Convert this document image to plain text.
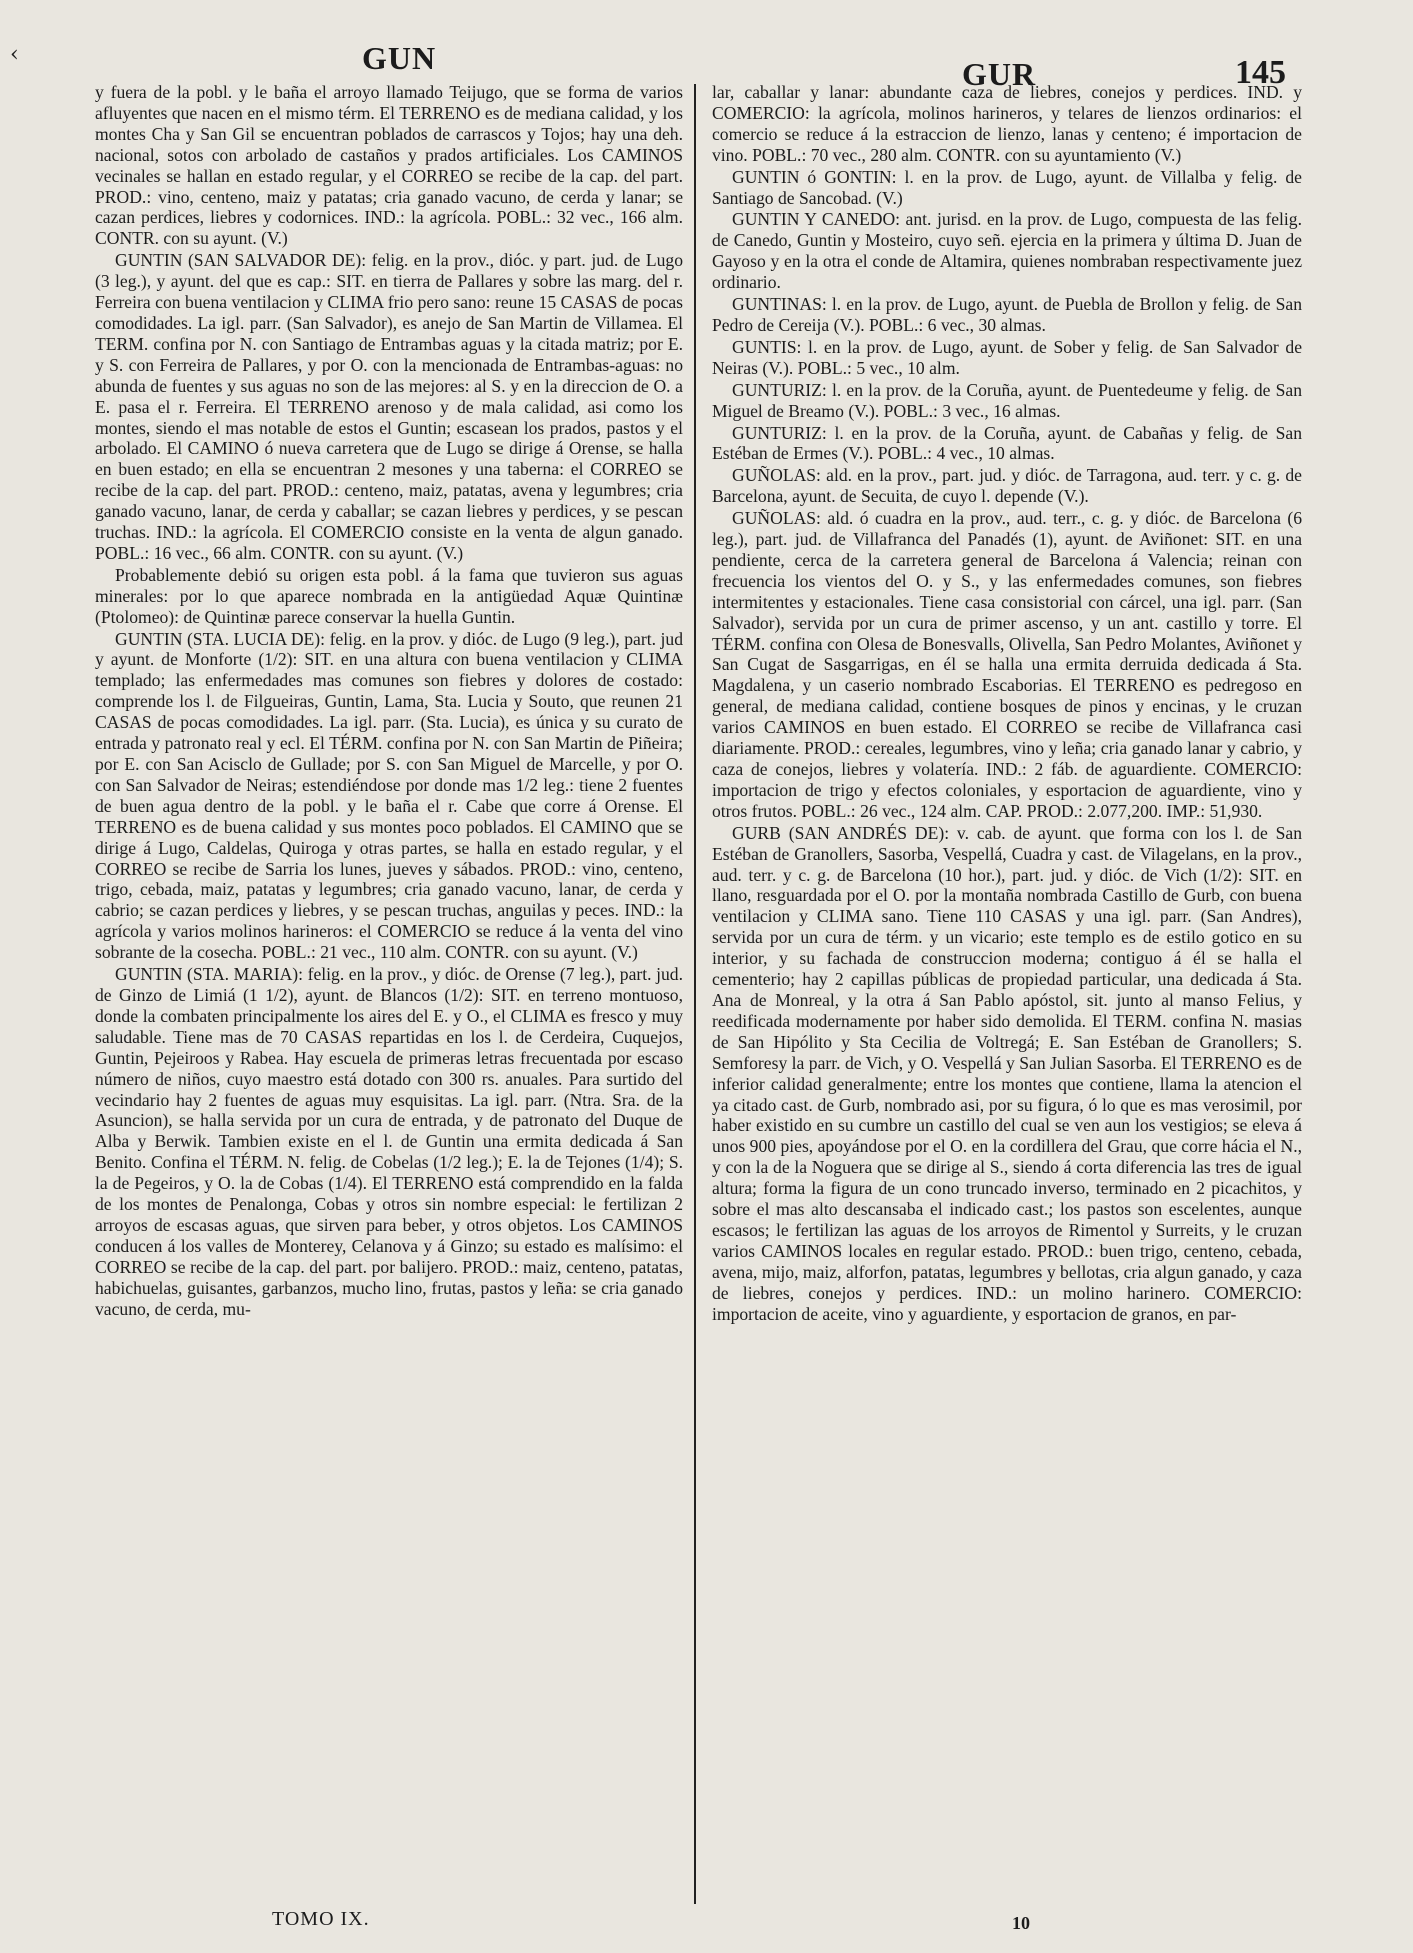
‹	GUN	GUR	145

y fuera de la pobl. y le baña el arroyo llamado Teijugo, que se forma de varios afluyentes que nacen en el mismo térm. El TERRENO es de mediana calidad, y los montes Cha y San Gil se encuentran poblados de carrascos y Tojos; hay una deh. nacional, sotos con arbolado de castaños y prados artificiales. Los CAMINOS vecinales se hallan en estado regular, y el CORREO se recibe de la cap. del part. PROD.: vino, centeno, maiz y patatas; cria ganado vacuno, de cerda y lanar; se cazan perdices, liebres y codornices. IND.: la agrícola. POBL.: 32 vec., 166 alm. CONTR. con su ayunt. (V.)

GUNTIN (SAN SALVADOR DE): felig. en la prov., dióc. y part. jud. de Lugo (3 leg.), y ayunt. del que es cap.: SIT. en tierra de Pallares y sobre las marg. del r. Ferreira con buena ventilacion y CLIMA frio pero sano: reune 15 CASAS de pocas comodidades. La igl. parr. (San Salvador), es anejo de San Martin de Villamea. El TERM. confina por N. con Santiago de Entrambas aguas y la citada matriz; por E. y S. con Ferreira de Pallares, y por O. con la mencionada de Entrambas-aguas: no abunda de fuentes y sus aguas no son de las mejores: al S. y en la direccion de O. a E. pasa el r. Ferreira. El TERRENO arenoso y de mala calidad, asi como los montes, siendo el mas notable de estos el Guntin; escasean los prados, pastos y el arbolado. El CAMINO ó nueva carretera que de Lugo se dirige á Orense, se halla en buen estado; en ella se encuentran 2 mesones y una taberna: el CORREO se recibe de la cap. del part. PROD.: centeno, maiz, patatas, avena y legumbres; cria ganado vacuno, lanar, de cerda y caballar; se cazan liebres y perdices, y se pescan truchas. IND.: la agrícola. El COMERCIO consiste en la venta de algun ganado. POBL.: 16 vec., 66 alm. CONTR. con su ayunt. (V.)

Probablemente debió su origen esta pobl. á la fama que tuvieron sus aguas minerales: por lo que aparece nombrada en la antigüedad Aquæ Quintinæ (Ptolomeo): de Quintinæ parece conservar la huella Guntin.

GUNTIN (STA. LUCIA DE): felig. en la prov. y dióc. de Lugo (9 leg.), part. jud y ayunt. de Monforte (1/2): SIT. en una altura con buena ventilacion y CLIMA templado; las enfermedades mas comunes son fiebres y dolores de costado: comprende los l. de Filgueiras, Guntin, Lama, Sta. Lucia y Souto, que reunen 21 CASAS de pocas comodidades. La igl. parr. (Sta. Lucia), es única y su curato de entrada y patronato real y ecl. El TÉRM. confina por N. con San Martin de Piñeira; por E. con San Acisclo de Gullade; por S. con San Miguel de Marcelle, y por O. con San Salvador de Neiras; estendiéndose por donde mas 1/2 leg.: tiene 2 fuentes de buen agua dentro de la pobl. y le baña el r. Cabe que corre á Orense. El TERRENO es de buena calidad y sus montes poco poblados. El CAMINO que se dirige á Lugo, Caldelas, Quiroga y otras partes, se halla en estado regular, y el CORREO se recibe de Sarria los lunes, jueves y sábados. PROD.: vino, centeno, trigo, cebada, maiz, patatas y legumbres; cria ganado vacuno, lanar, de cerda y cabrio; se cazan perdices y liebres, y se pescan truchas, anguilas y peces. IND.: la agrícola y varios molinos harineros: el COMERCIO se reduce á la venta del vino sobrante de la cosecha. POBL.: 21 vec., 110 alm. CONTR. con su ayunt. (V.)

GUNTIN (STA. MARIA): felig. en la prov., y dióc. de Orense (7 leg.), part. jud. de Ginzo de Limiá (1 1/2), ayunt. de Blancos (1/2): SIT. en terreno montuoso, donde la combaten principalmente los aires del E. y O., el CLIMA es fresco y muy saludable. Tiene mas de 70 CASAS repartidas en los l. de Cerdeira, Cuquejos, Guntin, Pejeiroos y Rabea. Hay escuela de primeras letras frecuentada por escaso número de niños, cuyo maestro está dotado con 300 rs. anuales. Para surtido del vecindario hay 2 fuentes de aguas muy esquisitas. La igl. parr. (Ntra. Sra. de la Asuncion), se halla servida por un cura de entrada, y de patronato del Duque de Alba y Berwik. Tambien existe en el l. de Guntin una ermita dedicada á San Benito. Confina el TÉRM. N. felig. de Cobelas (1/2 leg.); E. la de Tejones (1/4); S. la de Pegeiros, y O. la de Cobas (1/4). El TERRENO está comprendido en la falda de los montes de Penalonga, Cobas y otros sin nombre especial: le fertilizan 2 arroyos de escasas aguas, que sirven para beber, y otros objetos. Los CAMINOS conducen á los valles de Monterey, Celanova y á Ginzo; su estado es malísimo: el CORREO se recibe de la cap. del part. por balijero. PROD.: maiz, centeno, patatas, habichuelas, guisantes, garbanzos, mucho lino, frutas, pastos y leña: se cria ganado vacuno, de cerda, mu-

lar, caballar y lanar: abundante caza de liebres, conejos y perdices. IND. y COMERCIO: la agrícola, molinos harineros, y telares de lienzos ordinarios: el comercio se reduce á la estraccion de lienzo, lanas y centeno; é importacion de vino. POBL.: 70 vec., 280 alm. CONTR. con su ayuntamiento (V.)

GUNTIN ó GONTIN: l. en la prov. de Lugo, ayunt. de Villalba y felig. de Santiago de Sancobad. (V.)

GUNTIN Y CANEDO: ant. jurisd. en la prov. de Lugo, compuesta de las felig. de Canedo, Guntin y Mosteiro, cuyo señ. ejercia en la primera y última D. Juan de Gayoso y en la otra el conde de Altamira, quienes nombraban respectivamente juez ordinario.

GUNTINAS: l. en la prov. de Lugo, ayunt. de Puebla de Brollon y felig. de San Pedro de Cereija (V.). POBL.: 6 vec., 30 almas.

GUNTIS: l. en la prov. de Lugo, ayunt. de Sober y felig. de San Salvador de Neiras (V.). POBL.: 5 vec., 10 alm.

GUNTURIZ: l. en la prov. de la Coruña, ayunt. de Puentedeume y felig. de San Miguel de Breamo (V.). POBL.: 3 vec., 16 almas.

GUNTURIZ: l. en la prov. de la Coruña, ayunt. de Cabañas y felig. de San Estéban de Ermes (V.). POBL.: 4 vec., 10 almas.

GUÑOLAS: ald. en la prov., part. jud. y dióc. de Tarragona, aud. terr. y c. g. de Barcelona, ayunt. de Secuita, de cuyo l. depende (V.).

GUÑOLAS: ald. ó cuadra en la prov., aud. terr., c. g. y dióc. de Barcelona (6 leg.), part. jud. de Villafranca del Panadés (1), ayunt. de Aviñonet: SIT. en una pendiente, cerca de la carretera general de Barcelona á Valencia; reinan con frecuencia los vientos del O. y S., y las enfermedades comunes, son fiebres intermitentes y estacionales. Tiene casa consistorial con cárcel, una igl. parr. (San Salvador), servida por un cura de primer ascenso, y un ant. castillo y torre. El TÉRM. confina con Olesa de Bonesvalls, Olivella, San Pedro Molantes, Aviñonet y San Cugat de Sasgarrigas, en él se halla una ermita derruida dedicada á Sta. Magdalena, y un caserio nombrado Escaborias. El TERRENO es pedregoso en general, de mediana calidad, contiene bosques de pinos y encinas, y le cruzan varios CAMINOS en buen estado. El CORREO se recibe de Villafranca casi diariamente. PROD.: cereales, legumbres, vino y leña; cria ganado lanar y cabrio, y caza de conejos, liebres y volatería. IND.: 2 fáb. de aguardiente. COMERCIO: importacion de trigo y efectos coloniales, y esportacion de aguardiente, vino y otros frutos. POBL.: 26 vec., 124 alm. CAP. PROD.: 2.077,200. IMP.: 51,930.

GURB (SAN ANDRÉS DE): v. cab. de ayunt. que forma con los l. de San Estéban de Granollers, Sasorba, Vespellá, Cuadra y cast. de Vilagelans, en la prov., aud. terr. y c. g. de Barcelona (10 hor.), part. jud. y dióc. de Vich (1/2): SIT. en llano, resguardada por el O. por la montaña nombrada Castillo de Gurb, con buena ventilacion y CLIMA sano. Tiene 110 CASAS y una igl. parr. (San Andres), servida por un cura de térm. y un vicario; este templo es de estilo gotico en su interior, y su fachada de construccion moderna; contiguo á él se halla el cementerio; hay 2 capillas públicas de propiedad particular, una dedicada á Sta. Ana de Monreal, y la otra á San Pablo apóstol, sit. junto al manso Felius, y reedificada modernamente por haber sido demolida. El TERM. confina N. masias de San Hipólito y Sta Cecilia de Voltregá; E. San Estéban de Granollers; S. Semforesy la parr. de Vich, y O. Vespellá y San Julian Sasorba. El TERRENO es de inferior calidad generalmente; entre los montes que contiene, llama la atencion el ya citado cast. de Gurb, nombrado asi, por su figura, ó lo que es mas verosimil, por haber existido en su cumbre un castillo del cual se ven aun los vestigios; se eleva á unos 900 pies, apoyándose por el O. en la cordillera del Grau, que corre hácia el N., y con la de la Noguera que se dirige al S., siendo á corta diferencia las tres de igual altura; forma la figura de un cono truncado inverso, terminado en 2 picachitos, y sobre el mas alto descansaba el indicado cast.; los pastos son escelentes, aunque escasos; le fertilizan las aguas de los arroyos de Rimentol y Surreits, y le cruzan varios CAMINOS locales en regular estado. PROD.: buen trigo, centeno, cebada, avena, mijo, maiz, alforfon, patatas, legumbres y bellotas, cria algun ganado, y caza de liebres, conejos y perdices. IND.: un molino harinero. COMERCIO: importacion de aceite, vino y aguardiente, y esportacion de granos, en par-

TOMO IX.	10
